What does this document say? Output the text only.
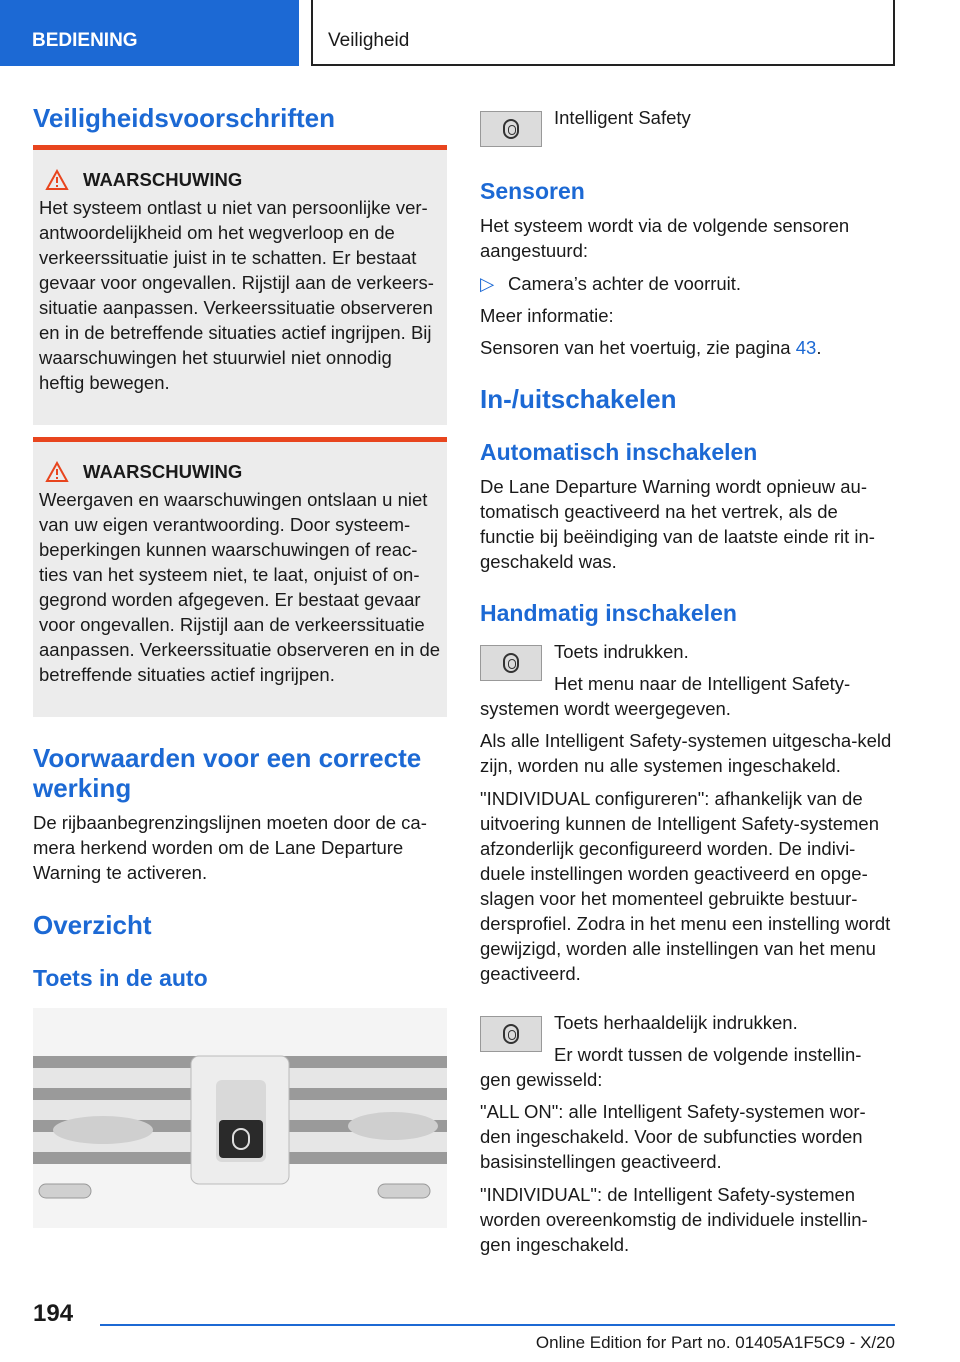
BEDIENING	Veiligheid
Veiligheidsvoorschriften
WAARSCHUWING

Het systeem ontlast u niet van persoonlijke ver-antwoordelijkheid om het wegverloop en de verkeerssituatie juist in te schatten. Er bestaat gevaar voor ongevallen. Rijstijl aan de verkeers-situatie aanpassen. Verkeerssituatie observeren en in de betreffende situaties actief ingrijpen. Bij waarschuwingen het stuurwiel niet onnodig heftig bewegen.

WAARSCHUWING

Weergaven en waarschuwingen ontslaan u niet van uw eigen verantwoording. Door systeem-beperkingen kunnen waarschuwingen of reac-ties van het systeem niet, te laat, onjuist of on-gegrond worden afgegeven. Er bestaat gevaar voor ongevallen. Rijstijl aan de verkeerssituatie aanpassen. Verkeerssituatie observeren en in de betreffende situaties actief ingrijpen.

Voorwaarden voor een correcte werking

De rijbaanbegrenzingslijnen moeten door de ca-mera herkend worden om de Lane Departure Warning te activeren.

Overzicht
Toets in de auto

Intelligent Safety

Sensoren

Het systeem wordt via de volgende sensoren aangestuurd:

▷ Camera’s achter de voorruit.

Meer informatie:

Sensoren van het voertuig, zie pagina 43.

In-/uitschakelen
Automatisch inschakelen

De Lane Departure Warning wordt opnieuw au-tomatisch geactiveerd na het vertrek, als de functie bij beëindiging van de laatste einde rit in-geschakeld was.

Handmatig inschakelen

Toets indrukken.

Het menu naar de Intelligent Safety-

systemen wordt weergegeven.

Als alle Intelligent Safety-systemen uitgescha-keld zijn, worden nu alle systemen ingeschakeld.

"INDIVIDUAL configureren": afhankelijk van de uitvoering kunnen de Intelligent Safety-systemen afzonderlijk geconfigureerd worden. De indivi-duele instellingen worden geactiveerd en opge-slagen voor het momenteel gebruikte bestuur-dersprofiel. Zodra in het menu een instelling wordt gewijzigd, worden alle instellingen van het menu geactiveerd.

Toets herhaaldelijk indrukken.

Er wordt tussen de volgende instellin-

gen gewisseld:

"ALL ON": alle Intelligent Safety-systemen wor-den ingeschakeld. Voor de subfuncties worden basisinstellingen geactiveerd.

"INDIVIDUAL": de Intelligent Safety-systemen worden overeenkomstig de individuele instellin-gen ingeschakeld.

194
Online Edition for Part no. 01405A1F5C9 - X/20
